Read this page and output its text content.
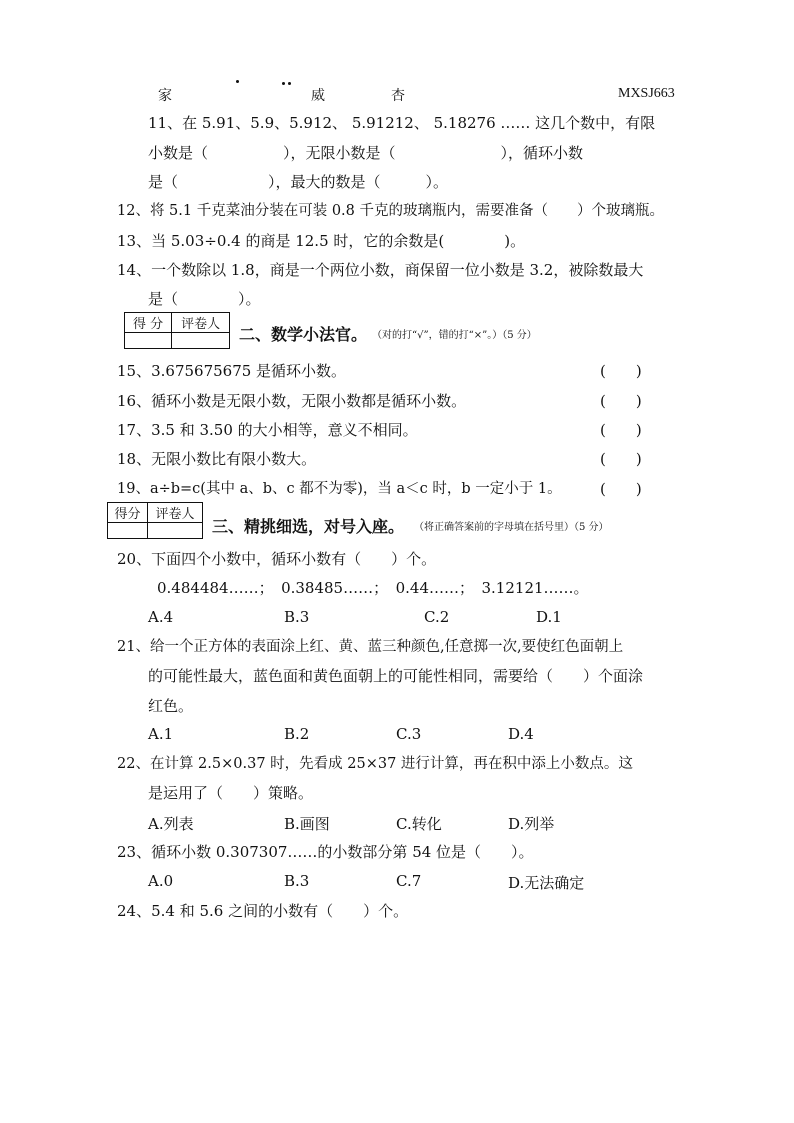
家	威	杏	MXSJ663
11、在 5.91、5.9、5.912、 5.91212、 5.18276 …… 这几个数中，有限
小数是（　　　　　），无限小数是（　　　　　　　），循环小数
是（　　　　　　），最大的数是（　　　）。
12、将 5.1 千克菜油分装在可装 0.8 千克的玻璃瓶内，需要准备（　　）个玻璃瓶。
13、当 5.03÷0.4 的商是 12.5 时，它的余数是(　　　　)。
14、一个数除以 1.8，商是一个两位小数，商保留一位小数是 3.2，被除数最大
是（　　　　）。
得 分	评卷人

二、数学小法官。 （对的打“√”，错的打“×”。）（5 分）
15、3.675675675 是循环小数。	(　　)
16、循环小数是无限小数，无限小数都是循环小数。	(　　)
17、3.5 和 3.50 的大小相等，意义不相同。	(　　)
18、无限小数比有限小数大。	(　　)
19、a÷b=c(其中 a、b、c 都不为零)，当 a＜c 时，b 一定小于 1。	(　　)
得分	评卷人

三、精挑细选，对号入座。 （将正确答案前的字母填在括号里）（5 分）
20、下面四个小数中，循环小数有（　　）个。
0.484484……；　0.38485……；　0.44……；　3.12121……。
A.4	B.3	C.2	D.1
21、给一个正方体的表面涂上红、黄、蓝三种颜色,任意掷一次,要使红色面朝上
的可能性最大，蓝色面和黄色面朝上的可能性相同，需要给（　　）个面涂
红色。
A.1	B.2	C.3	D.4
22、在计算 2.5×0.37 时，先看成 25×37 进行计算，再在积中添上小数点。这
是运用了（　　）策略。
A.列表	B.画图	C.转化	D.列举
23、循环小数 0.307307……的小数部分第 54 位是（　　）。
A.0	B.3	C.7	D.无法确定
24、5.4 和 5.6 之间的小数有（　　）个。
